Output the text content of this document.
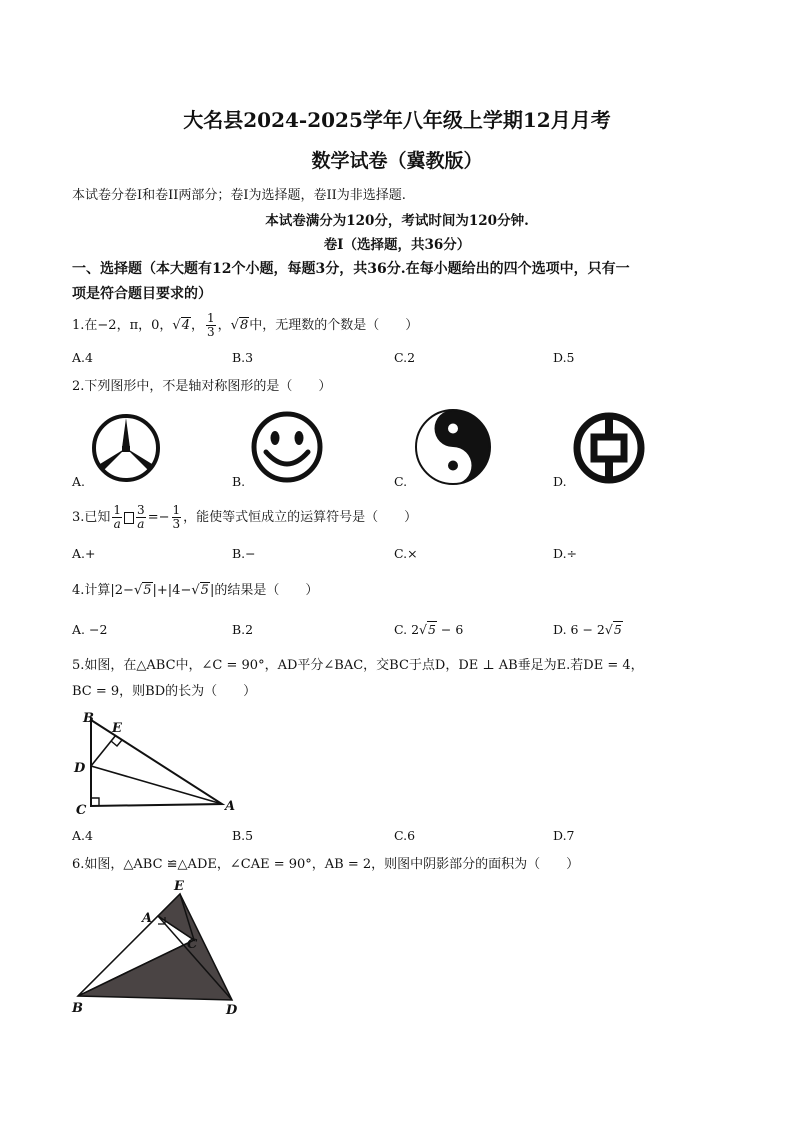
大名县2024-2025学年八年级上学期12月月考
数学试卷（冀教版）
本试卷分卷I和卷II两部分；卷I为选择题，卷II为非选择题.
本试卷满分为120分，考试时间为120分钟.
卷I（选择题，共36分）
一、选择题（本大题有12个小题，每题3分，共36分.在每小题给出的四个选项中，只有一
项是符合题目要求的）
1.在−2，π，0，√4， $\frac{1}{3}$ ，√8中，无理数的个数是（　　）
A.4	B.3	C.2	D.5
2.下列图形中，不是轴对称图形的是（　　）
A.	B.	C.	D.
3.已知 $\frac{1}{a} \frac{3}{a} =- \frac{1}{3}$ ，能使等式恒成立的运算符号是（　　）
A.+	B.−	C.×	D.÷
4.计算|2−√5|+|4−√5|的结果是（　　）
A. −2	B.2	C. 2√5 − 6	D. 6 − 2√5
5.如图，在△ABC中，∠C = 90°，AD平分∠BAC，交BC于点D，DE ⊥ AB垂足为E.若DE = 4，
BC = 9，则BD的长为（　　）
B
E
D
C	A
A.4	B.5	C.6	D.7
6.如图，△ABC ≌△ADE，∠CAE = 90°，AB = 2，则图中阴影部分的面积为（　　）
E
A
C
B	D
